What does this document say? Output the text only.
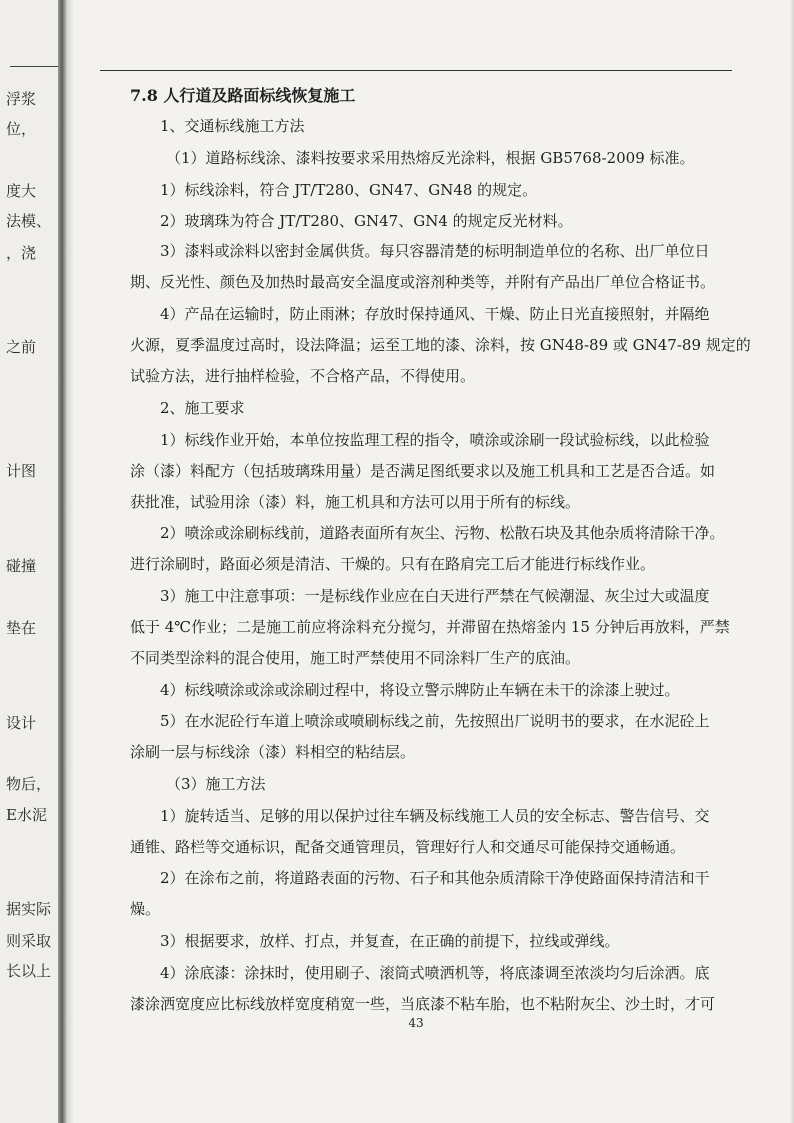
浮浆
位，
度大
法模、
，浇
之前
计图
碰撞
垫在
设计
物后，
E水泥
据实际
则采取
长以上
7.8 人行道及路面标线恢复施工
1、交通标线施工方法
（1）道路标线涂、漆料按要求采用热熔反光涂料，根据 GB5768-2009 标准。
1）标线涂料，符合 JT/T280、GN47、GN48 的规定。
2）玻璃珠为符合 JT/T280、GN47、GN4 的规定反光材料。
3）漆料或涂料以密封金属供货。每只容器清楚的标明制造单位的名称、出厂单位日
期、反光性、颜色及加热时最高安全温度或溶剂种类等，并附有产品出厂单位合格证书。
4）产品在运输时，防止雨淋；存放时保持通风、干燥、防止日光直接照射，并隔绝
火源，夏季温度过高时，设法降温；运至工地的漆、涂料，按 GN48-89 或 GN47-89 规定的
试验方法，进行抽样检验，不合格产品，不得使用。
2、施工要求
1）标线作业开始，本单位按监理工程的指令，喷涂或涂刷一段试验标线，以此检验
涂（漆）料配方（包括玻璃珠用量）是否满足图纸要求以及施工机具和工艺是否合适。如
获批准，试验用涂（漆）料，施工机具和方法可以用于所有的标线。
2）喷涂或涂刷标线前，道路表面所有灰尘、污物、松散石块及其他杂质将清除干净。
进行涂刷时，路面必须是清洁、干燥的。只有在路肩完工后才能进行标线作业。
3）施工中注意事项：一是标线作业应在白天进行严禁在气候潮湿、灰尘过大或温度
低于 4℃作业；二是施工前应将涂料充分搅匀，并滞留在热熔釜内 15 分钟后再放料，严禁
不同类型涂料的混合使用，施工时严禁使用不同涂料厂生产的底油。
4）标线喷涂或涂或涂刷过程中，将设立警示牌防止车辆在未干的涂漆上驶过。
5）在水泥砼行车道上喷涂或喷刷标线之前，先按照出厂说明书的要求，在水泥砼上
涂刷一层与标线涂（漆）料相空的粘结层。
（3）施工方法
1）旋转适当、足够的用以保护过往车辆及标线施工人员的安全标志、警告信号、交
通锥、路栏等交通标识，配备交通管理员，管理好行人和交通尽可能保持交通畅通。
2）在涂布之前，将道路表面的污物、石子和其他杂质清除干净使路面保持清洁和干
燥。
3）根据要求，放样、打点，并复查，在正确的前提下，拉线或弹线。
4）涂底漆：涂抹时，使用刷子、滚筒式喷洒机等，将底漆调至浓淡均匀后涂洒。底
漆涂洒宽度应比标线放样宽度稍宽一些，当底漆不粘车胎，也不粘附灰尘、沙土时，才可
43
